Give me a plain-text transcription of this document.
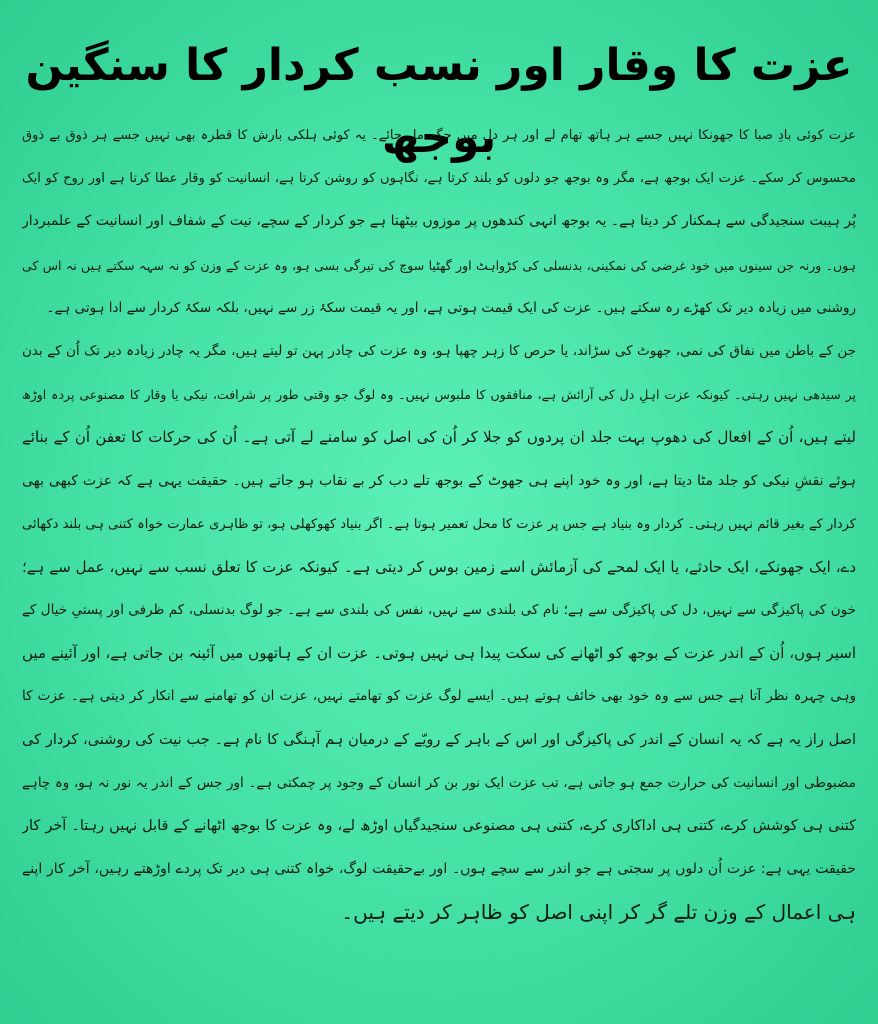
عزت کا وقار اور نسب کردار کا سنگین بوجھ
عزت کوئی بادِ صبا کا جھونکا نہیں جسے ہر ہاتھ تھام لے اور ہر دل میں جگہ مل جائے۔ یہ کوئی ہلکی بارش کا قطرہ بھی نہیں جسے ہر ذوق بے ذوق
محسوس کر سکے۔ عزت ایک بوجھ ہے، مگر وہ بوجھ جو دلوں کو بلند کرتا ہے، نگاہوں کو روشن کرتا ہے، انسانیت کو وقار عطا کرتا ہے اور روح کو ایک
پُر ہیبت سنجیدگی سے ہمکنار کر دیتا ہے۔ یہ بوجھ انہی کندھوں پر موزوں بیٹھتا ہے جو کردار کے سچے، نیت کے شفاف اور انسانیت کے علمبردار
ہوں۔ ورنہ جن سینوں میں خود غرضی کی نمکینی، بدنسلی کی کڑواہٹ اور گھٹیا سوچ کی تیرگی بسی ہو، وہ عزت کے وزن کو نہ سہہ سکتے ہیں نہ اس کی
روشنی میں زیادہ دیر تک کھڑے رہ سکتے ہیں۔ عزت کی ایک قیمت ہوتی ہے، اور یہ قیمت سکۂ زر سے نہیں، بلکہ سکۂ کردار سے ادا ہوتی ہے۔
جن کے باطن میں نفاق کی نمی، جھوٹ کی سڑاند، یا حرص کا زہر چھپا ہو، وہ عزت کی چادر پہن تو لیتے ہیں، مگر یہ چادر زیادہ دیر تک اُن کے بدن
پر سیدھی نہیں رہتی۔ کیونکہ عزت اہلِ دل کی آرائش ہے، منافقوں کا ملبوس نہیں۔ وہ لوگ جو وقتی طور پر شرافت، نیکی یا وقار کا مصنوعی پردہ اوڑھ
لیتے ہیں، اُن کے افعال کی دھوپ بہت جلد ان پردوں کو جلا کر اُن کی اصل کو سامنے لے آتی ہے۔ اُن کی حرکات کا تعفن اُن کے بنائے
ہوئے نقشِ نیکی کو جلد مٹا دیتا ہے، اور وہ خود اپنے ہی جھوٹ کے بوجھ تلے دب کر بے نقاب ہو جاتے ہیں۔ حقیقت یہی ہے کہ عزت کبھی بھی
کردار کے بغیر قائم نہیں رہتی۔ کردار وہ بنیاد ہے جس پر عزت کا محل تعمیر ہوتا ہے۔ اگر بنیاد کھوکھلی ہو، تو ظاہری عمارت خواہ کتنی ہی بلند دکھائی
دے، ایک جھونکے، ایک حادثے، یا ایک لمحے کی آزمائش اسے زمین بوس کر دیتی ہے۔ کیونکہ عزت کا تعلق نسب سے نہیں، عمل سے ہے؛
خون کی پاکیزگی سے نہیں، دل کی پاکیزگی سے ہے؛ نام کی بلندی سے نہیں، نفس کی بلندی سے ہے۔ جو لوگ بدنسلی، کم ظرفی اور پستیِ خیال کے
اسیر ہوں، اُن کے اندر عزت کے بوجھ کو اٹھانے کی سکت پیدا ہی نہیں ہوتی۔ عزت ان کے ہاتھوں میں آئینہ بن جاتی ہے، اور آئینے میں
وہی چہرہ نظر آتا ہے جس سے وہ خود بھی خائف ہوتے ہیں۔ ایسے لوگ عزت کو تھامتے نہیں، عزت ان کو تھامنے سے انکار کر دیتی ہے۔ عزت کا
اصل راز یہ ہے کہ یہ انسان کے اندر کی پاکیزگی اور اس کے باہر کے رویّے کے درمیان ہم آہنگی کا نام ہے۔ جب نیت کی روشنی، کردار کی
مضبوطی اور انسانیت کی حرارت جمع ہو جاتی ہے، تب عزت ایک نور بن کر انسان کے وجود پر چمکتی ہے۔ اور جس کے اندر یہ نور نہ ہو، وہ چاہے
کتنی ہی کوشش کرے، کتنی ہی اداکاری کرے، کتنی ہی مصنوعی سنجیدگیاں اوڑھ لے، وہ عزت کا بوجھ اٹھانے کے قابل نہیں رہتا۔ آخر کار
حقیقت یہی ہے: عزت اُن دلوں پر سجتی ہے جو اندر سے سچے ہوں۔ اور بےحقیقت لوگ، خواہ کتنی ہی دیر تک پردے اوڑھتے رہیں، آخر کار اپنے
ہی اعمال کے وزن تلے گر کر اپنی اصل کو ظاہر کر دیتے ہیں۔
